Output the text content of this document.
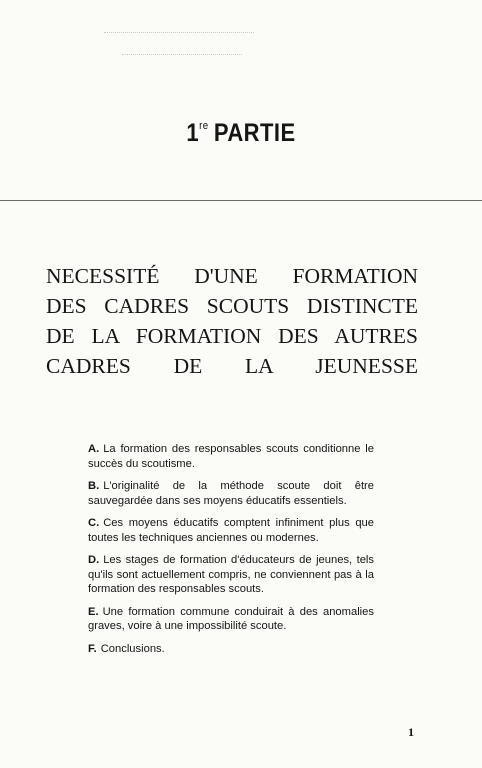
1re PARTIE
NECESSITÉ D'UNE FORMATION
DES CADRES SCOUTS DISTINCTE
DE LA FORMATION DES AUTRES
CADRES DE LA JEUNESSE
A. La formation des responsables scouts conditionne le succès du scoutisme.
B. L'originalité de la méthode scoute doit être sauvegardée dans ses moyens éducatifs essentiels.
C. Ces moyens éducatifs comptent infiniment plus que toutes les techniques anciennes ou modernes.
D. Les stages de formation d'éducateurs de jeunes, tels qu'ils sont actuellement compris, ne conviennent pas à la formation des responsables scouts.
E. Une formation commune conduirait à des anomalies graves, voire à une impossibilité scoute.
F. Conclusions.
1
